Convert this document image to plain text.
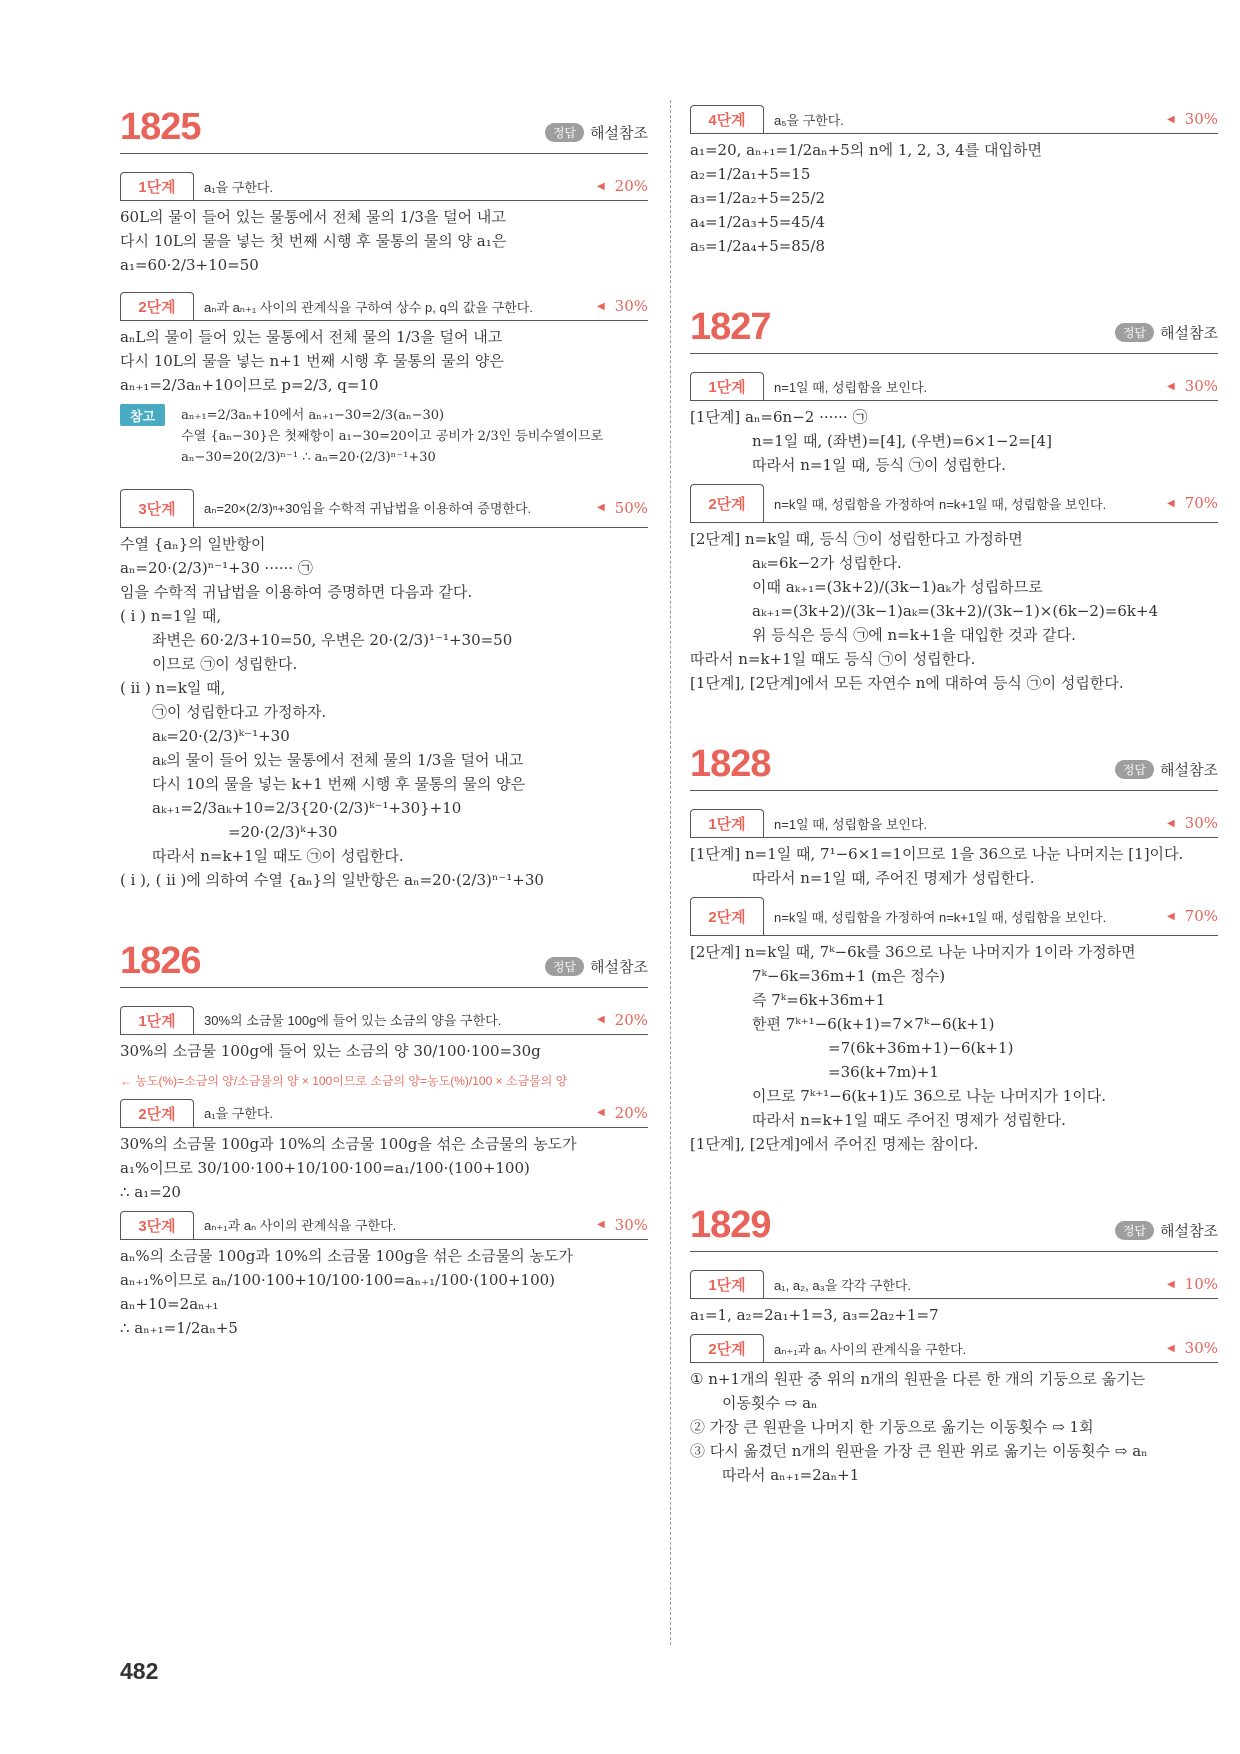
1825	정답 해설참조
1단계	a₁을 구한다.	◀ 20%
60L의 물이 들어 있는 물통에서 전체 물의 1/3을 덜어 내고
다시 10L의 물을 넣는 첫 번째 시행 후 물통의 물의 양 a₁은
a₁=60·2/3+10=50
2단계	aₙ과 aₙ₊₁ 사이의 관계식을 구하여 상수 p, q의 값을 구한다.	◀ 30%
aₙL의 물이 들어 있는 물통에서 전체 물의 1/3을 덜어 내고
다시 10L의 물을 넣는 n+1 번째 시행 후 물통의 물의 양은
aₙ₊₁=2/3aₙ+10이므로 p=2/3, q=10
참고	aₙ₊₁=2/3aₙ+10에서 aₙ₊₁−30=2/3(aₙ−30)
수열 {aₙ−30}은 첫째항이 a₁−30=20이고 공비가 2/3인 등비수열이므로
aₙ−30=20(2/3)ⁿ⁻¹ ∴ aₙ=20·(2/3)ⁿ⁻¹+30
3단계	aₙ=20×(2/3)ⁿ+30임을 수학적 귀납법을 이용하여 증명한다.	◀ 50%
수열 {aₙ}의 일반항이
aₙ=20·(2/3)ⁿ⁻¹+30 ······ ㉠
임을 수학적 귀납법을 이용하여 증명하면 다음과 같다.
( i ) n=1일 때,
좌변은 60·2/3+10=50, 우변은 20·(2/3)¹⁻¹+30=50
이므로 ㉠이 성립한다.
( ii ) n=k일 때,
㉠이 성립한다고 가정하자.
aₖ=20·(2/3)ᵏ⁻¹+30
aₖ의 물이 들어 있는 물통에서 전체 물의 1/3을 덜어 내고
다시 10의 물을 넣는 k+1 번째 시행 후 물통의 물의 양은
aₖ₊₁=2/3aₖ+10=2/3{20·(2/3)ᵏ⁻¹+30}+10
=20·(2/3)ᵏ+30
따라서 n=k+1일 때도 ㉠이 성립한다.
( i ), ( ii )에 의하여 수열 {aₙ}의 일반항은 aₙ=20·(2/3)ⁿ⁻¹+30
1826	정답 해설참조
1단계	30%의 소금물 100g에 들어 있는 소금의 양을 구한다.	◀ 20%
30%의 소금물 100g에 들어 있는 소금의 양 30/100·100=30g
← 농도(%)=소금의 양/소금물의 양 × 100이므로 소금의 양=농도(%)/100 × 소금물의 양
2단계	a₁을 구한다.	◀ 20%
30%의 소금물 100g과 10%의 소금물 100g을 섞은 소금물의 농도가
a₁%이므로 30/100·100+10/100·100=a₁/100·(100+100)
∴ a₁=20
3단계	aₙ₊₁과 aₙ 사이의 관계식을 구한다.	◀ 30%
aₙ%의 소금물 100g과 10%의 소금물 100g을 섞은 소금물의 농도가
aₙ₊₁%이므로 aₙ/100·100+10/100·100=aₙ₊₁/100·(100+100)
aₙ+10=2aₙ₊₁
∴ aₙ₊₁=1/2aₙ+5
4단계	a₅을 구한다.	◀ 30%
a₁=20, aₙ₊₁=1/2aₙ+5의 n에 1, 2, 3, 4를 대입하면
a₂=1/2a₁+5=15
a₃=1/2a₂+5=25/2
a₄=1/2a₃+5=45/4
a₅=1/2a₄+5=85/8
1827	정답 해설참조
1단계	n=1일 때, 성립함을 보인다.	◀ 30%
[1단계] aₙ=6n−2 ······ ㉠
n=1일 때, (좌변)=[4], (우변)=6×1−2=[4]
따라서 n=1일 때, 등식 ㉠이 성립한다.
2단계	n=k일 때, 성립함을 가정하여 n=k+1일 때, 성립함을 보인다.	◀ 70%
[2단계] n=k일 때, 등식 ㉠이 성립한다고 가정하면
aₖ=6k−2가 성립한다.
이때 aₖ₊₁=(3k+2)/(3k−1)aₖ가 성립하므로
aₖ₊₁=(3k+2)/(3k−1)aₖ=(3k+2)/(3k−1)×(6k−2)=6k+4
위 등식은 등식 ㉠에 n=k+1을 대입한 것과 같다.
따라서 n=k+1일 때도 등식 ㉠이 성립한다.
[1단계], [2단계]에서 모든 자연수 n에 대하여 등식 ㉠이 성립한다.
1828	정답 해설참조
1단계	n=1일 때, 성립함을 보인다.	◀ 30%
[1단계] n=1일 때, 7¹−6×1=1이므로 1을 36으로 나눈 나머지는 [1]이다.
따라서 n=1일 때, 주어진 명제가 성립한다.
2단계	n=k일 때, 성립함을 가정하여 n=k+1일 때, 성립함을 보인다.	◀ 70%
[2단계] n=k일 때, 7ᵏ−6k를 36으로 나눈 나머지가 1이라 가정하면
7ᵏ−6k=36m+1 (m은 정수)
즉 7ᵏ=6k+36m+1
한편 7ᵏ⁺¹−6(k+1)=7×7ᵏ−6(k+1)
=7(6k+36m+1)−6(k+1)
=36(k+7m)+1
이므로 7ᵏ⁺¹−6(k+1)도 36으로 나눈 나머지가 1이다.
따라서 n=k+1일 때도 주어진 명제가 성립한다.
[1단계], [2단계]에서 주어진 명제는 참이다.
1829	정답 해설참조
1단계	a₁, a₂, a₃을 각각 구한다.	◀ 10%
a₁=1, a₂=2a₁+1=3, a₃=2a₂+1=7
2단계	aₙ₊₁과 aₙ 사이의 관계식을 구한다.	◀ 30%
① n+1개의 원판 중 위의 n개의 원판을 다른 한 개의 기둥으로 옮기는
이동횟수 ⇨ aₙ
② 가장 큰 원판을 나머지 한 기둥으로 옮기는 이동횟수 ⇨ 1회
③ 다시 옮겼던 n개의 원판을 가장 큰 원판 위로 옮기는 이동횟수 ⇨ aₙ
따라서 aₙ₊₁=2aₙ+1
482
